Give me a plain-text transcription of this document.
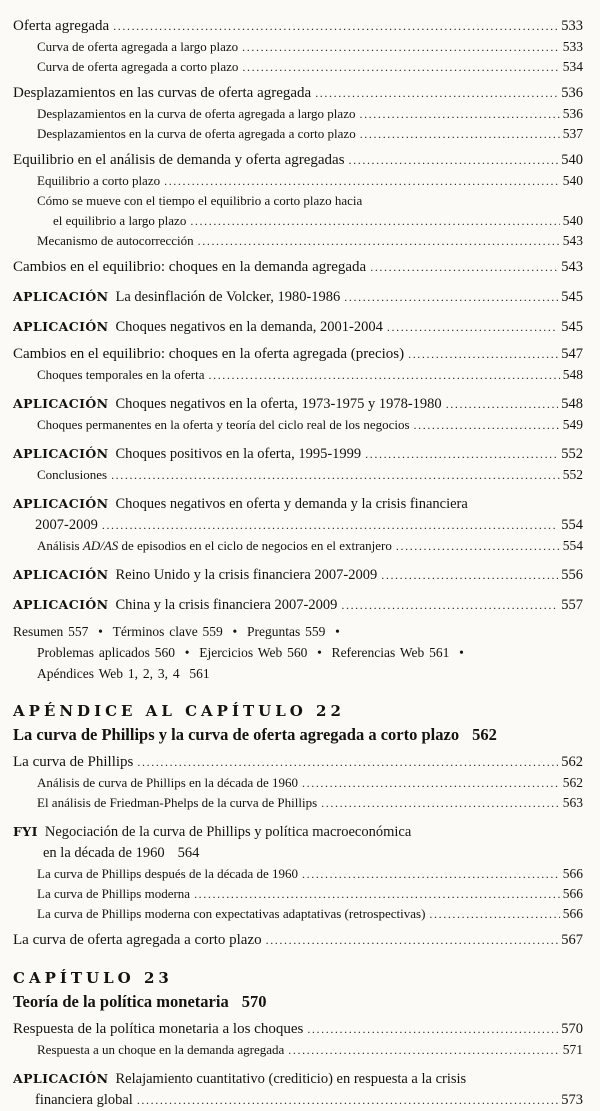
Oferta agregada .....	533
Curva de oferta agregada a largo plazo .....	533
Curva de oferta agregada a corto plazo .....	534
Desplazamientos en las curvas de oferta agregada .....	536
Desplazamientos en la curva de oferta agregada a largo plazo .....	536
Desplazamientos en la curva de oferta agregada a corto plazo .....	537
Equilibrio en el análisis de demanda y oferta agregadas .....	540
Equilibrio a corto plazo .....	540
Cómo se mueve con el tiempo el equilibrio a corto plazo hacia
el equilibrio a largo plazo .....	540
Mecanismo de autocorrección .....	543
Cambios en el equilibrio: choques en la demanda agregada .....	543
APLICACIÓN La desinflación de Volcker, 1980-1986 .....	545
APLICACIÓN Choques negativos en la demanda, 2001-2004 .....	545
Cambios en el equilibrio: choques en la oferta agregada (precios) .....	547
Choques temporales en la oferta .....	548
APLICACIÓN Choques negativos en la oferta, 1973-1975 y 1978-1980 .....	548
Choques permanentes en la oferta y teoría del ciclo real de los negocios .....	549
APLICACIÓN Choques positivos en la oferta, 1995-1999 .....	552
Conclusiones .....	552
APLICACIÓN Choques negativos en oferta y demanda y la crisis financiera
2007-2009 .....	554
Análisis AD/AS de episodios en el ciclo de negocios en el extranjero .....	554
APLICACIÓN Reino Unido y la crisis financiera 2007-2009 .....	556
APLICACIÓN China y la crisis financiera 2007-2009 .....	557
Resumen 557  •  Términos clave 559  •  Preguntas 559  •
Problemas aplicados 560  •  Ejercicios Web 560  •  Referencias Web 561  •
Apéndices Web 1, 2, 3, 4  561
APÉNDICE AL CAPÍTULO 22
La curva de Phillips y la curva de oferta agregada a corto plazo 562
La curva de Phillips .....	562
Análisis de curva de Phillips en la década de 1960 .....	562
El análisis de Friedman-Phelps de la curva de Phillips .....	563
FYI Negociación de la curva de Phillips y política macroeconómica
en la década de 1960 564
La curva de Phillips después de la década de 1960 .....	566
La curva de Phillips moderna .....	566
La curva de Phillips moderna con expectativas adaptativas (retrospectivas) .....	566
La curva de oferta agregada a corto plazo .....	567
CAPÍTULO 23
Teoría de la política monetaria 570
Respuesta de la política monetaria a los choques .....	570
Respuesta a un choque en la demanda agregada .....	571
APLICACIÓN Relajamiento cuantitativo (crediticio) en respuesta a la crisis
financiera global .....	573
